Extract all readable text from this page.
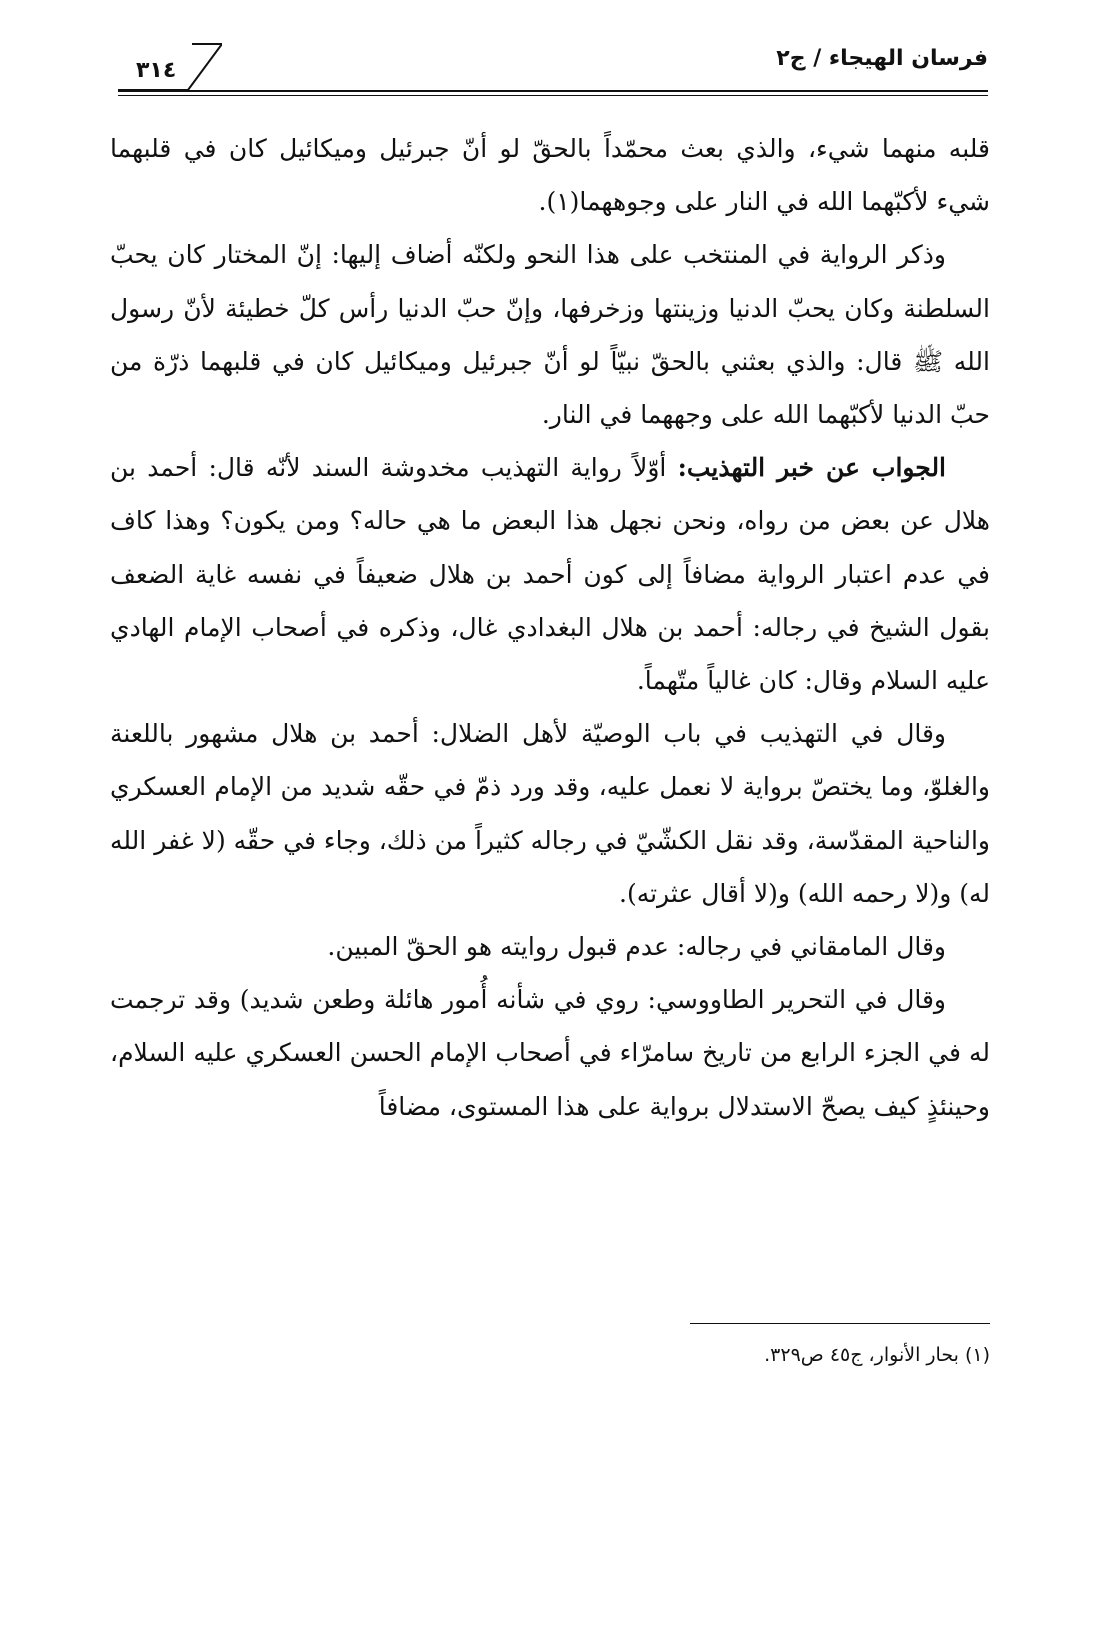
فرسان الهيجاء / ج٢
٣١٤

قلبه منهما شيء، والذي بعث محمّداً بالحقّ لو أنّ جبرئيل وميكائيل كان في قلبهما شيء لأكبّهما الله في النار على وجوههما(١).

وذكر الرواية في المنتخب على هذا النحو ولكنّه أضاف إليها: إنّ المختار كان يحبّ السلطنة وكان يحبّ الدنيا وزينتها وزخرفها، وإنّ حبّ الدنيا رأس كلّ خطيئة لأنّ رسول الله ﷺ قال: والذي بعثني بالحقّ نبيّاً لو أنّ جبرئيل وميكائيل كان في قلبهما ذرّة من حبّ الدنيا لأكبّهما الله على وجههما في النار.

الجواب عن خبر التهذيب: أوّلاً رواية التهذيب مخدوشة السند لأنّه قال: أحمد بن هلال عن بعض من رواه، ونحن نجهل هذا البعض ما هي حاله؟ ومن يكون؟ وهذا كاف في عدم اعتبار الرواية مضافاً إلى كون أحمد بن هلال ضعيفاً في نفسه غاية الضعف بقول الشيخ في رجاله: أحمد بن هلال البغدادي غال، وذكره في أصحاب الإمام الهادي عليه السلام وقال: كان غالياً متّهماً.

وقال في التهذيب في باب الوصيّة لأهل الضلال: أحمد بن هلال مشهور باللعنة والغلوّ، وما يختصّ برواية لا نعمل عليه، وقد ورد ذمّ في حقّه شديد من الإمام العسكري والناحية المقدّسة، وقد نقل الكشّيّ في رجاله كثيراً من ذلك، وجاء في حقّه (لا غفر الله له) و(لا رحمه الله) و(لا أقال عثرته).

وقال المامقاني في رجاله: عدم قبول روايته هو الحقّ المبين.

وقال في التحرير الطاووسي: روي في شأنه أُمور هائلة وطعن شديد) وقد ترجمت له في الجزء الرابع من تاريخ سامرّاء في أصحاب الإمام الحسن العسكري عليه السلام، وحينئذٍ كيف يصحّ الاستدلال برواية على هذا المستوى، مضافاً

(١) بحار الأنوار، ج٤٥ ص٣٢٩.
